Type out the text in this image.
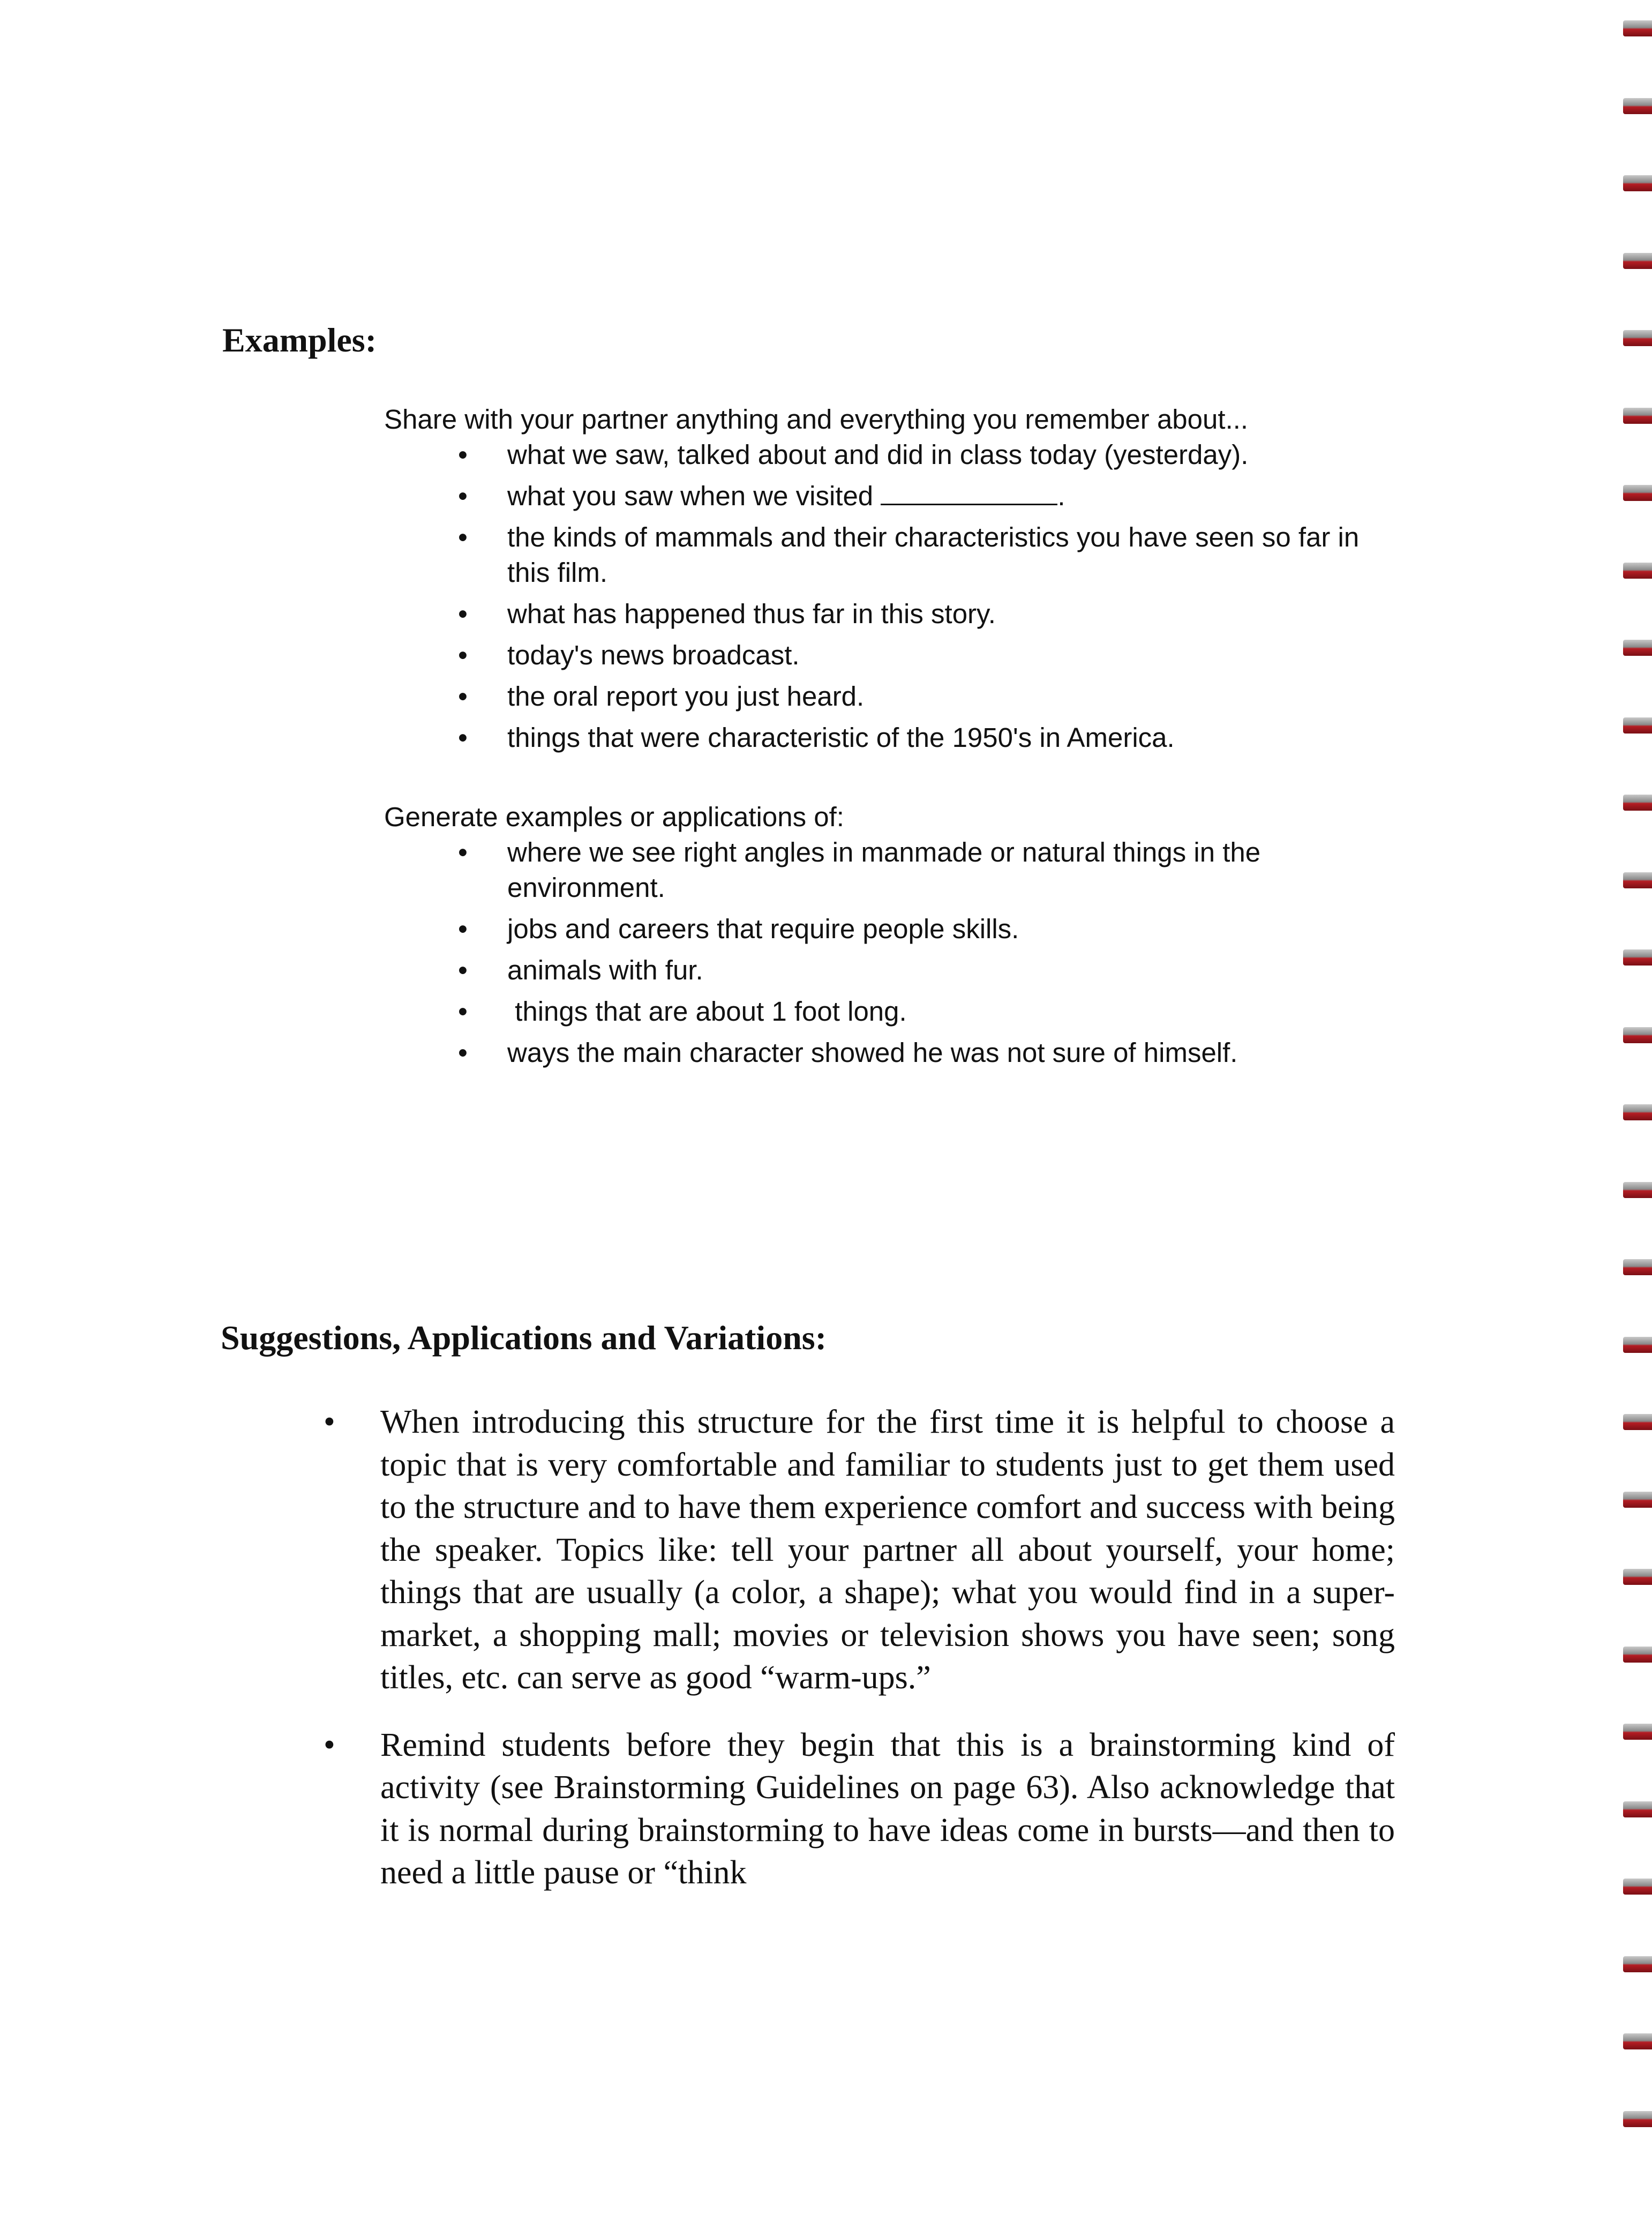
Examples:

Share with your partner anything and everything you remember about...

• what we saw, talked about and did in class today (yesterday).
• what you saw when we visited	.
• the kinds of mammals and their characteristics you have seen so far in this film.
• what has happened thus far in this story.
• today's news broadcast.
• the oral report you just heard.
• things that were characteristic of the 1950's in America.

Generate examples or applications of:

• where we see right angles in manmade or natural things in the environment.
• jobs and careers that require people skills.
• animals with fur.
• things that are about 1 foot long.
• ways the main character showed he was not sure of himself.
Suggestions, Applications and Variations:
• When introducing this structure for the first time it is helpful to choose a topic that is very comfortable and familiar to students just to get them used to the structure and to have them experience comfort and success with being the speaker. Topics like: tell your partner all about yourself, your home; things that are usually (a color, a shape); what you would find in a super-market, a shopping mall; movies or television shows you have seen; song titles, etc. can serve as good “warm-ups.”
• Remind students before they begin that this is a brainstorming kind of activity (see Brainstorming Guidelines on page 63). Also acknowledge that it is normal during brainstorming to have ideas come in bursts—and then to need a little pause or “think
